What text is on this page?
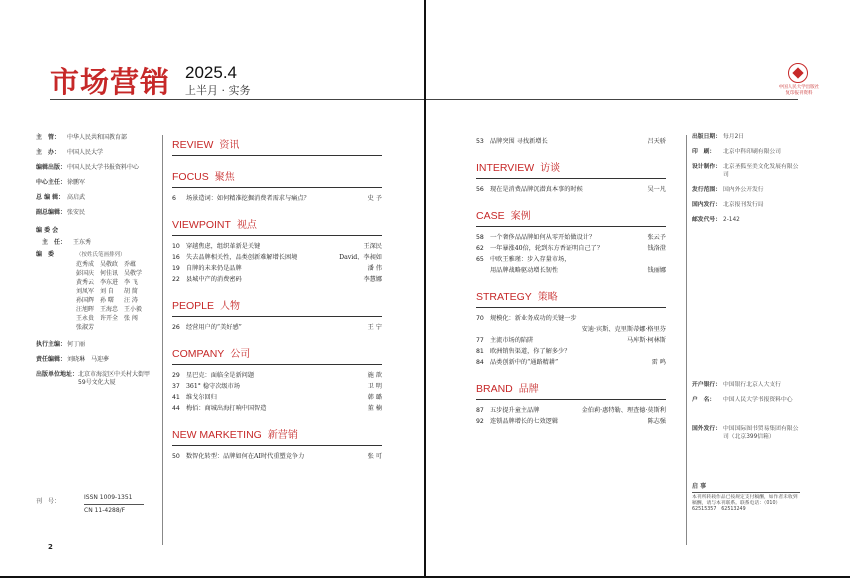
市场营销 2025.4
上半月 · 实务
主　管：	中华人民共和国教育部
主　办：	中国人民大学
编辑出版： 中国人民大学书报资料中心
中心主任： 徐鹏军
总 编 辑： 高启武
副总编辑： 张安民
编 委 会
主　任：	王东秀
编　委	（按姓氏笔画排列）
范秀成 吴敬政 乔蕴
彭国庆 何佳讯 吴敬学
黄秀云 李东进 李 飞
刘凤军 刘 自	胡 简
孙国辉 孙 曙	汪 涛
汪旭晖 王海忠 王小毅
王永贵 许开全 张 闯
张淑芳
执行主编： 何丁丽
责任编辑： 刘晓琳　马迎夢
出版单位地址： 北京市海淀区中关村大街甲59号文化大厦
刊　号：
ISSN 1009-1351
CN 11-4288/F
2
REVIEW 资讯
FOCUS 聚焦
6	场景造词：如何精准挖掘消费者需求与痛点？	史 予
VIEWPOINT 视点
10 穿越焦虑，组织革新是关键	王深民
16 失去品牌相关性，品类创新难解增长困境	David、李昶如
19 自牌的未来仍是品牌	潘 伟
22 县城中产的消费密码	李慧娜
PEOPLE 人物
26 经营用户的“美好感”	王 宁
COMPANY 公司
29 星巴克：面临全是新问题	施 歆
37 361° 稳守次级市场	卫 明
41 维戈尔回归	韩 璐
44 梅佰：商城出海打响中国智造	董 楠
NEW MARKETING 新营销
50 数智化转型：品牌如何在AI时代重塑竞争力	张 可
中国人民大学出版社 复印报刊资料
53 品牌突围 寻找新增长	吕天骄
INTERVIEW 访谈
56 现在是消费品牌沉潜真本事的时候	吴一凡
CASE 案例
58 一个奢侈品品牌如何从零开始做设计？	张云予
62 一年暴涨40倍，轮到东方香证明自己了？	钱洛澄
65 中欧王雅瑾：步入存量市场，
用品牌战略驱动增长韧性	钱丽娜
STRATEGY 策略
70 规模化：新业务成功的关键一步
安迪·宾斯、克里斯蒂娜·格里芬
77 主流市场的陷阱	马库斯·柯林斯
81 欧洲销售渠道，你了解多少？
84 品类创新中的“通路精耕”	雷 鸣
BRAND 品牌
87 五步提升童主品牌	金伯莉·惠特勒、理查德·莫斯利
92 连锁品牌增长的七效逻辑	陈志强
出版日期： 每月2日
印　刷：	北京中科印刷有限公司
设计制作： 北京圣狐至美文化发展有限公司
发行范围： 国内外公开发行
国内发行： 北京报刊发行局
邮发代号： 2-142
开户银行： 中国银行北京人大支行
户　名：	中国人民大学书报资料中心
国外发行： 中国国际图书贸易集团有限公司（北京399信箱）
启 事
本刊所转载作品已按规定支付稿酬，如作者未收到稿酬，请与本刊联系。联系电话：（010）62515357　62513249
